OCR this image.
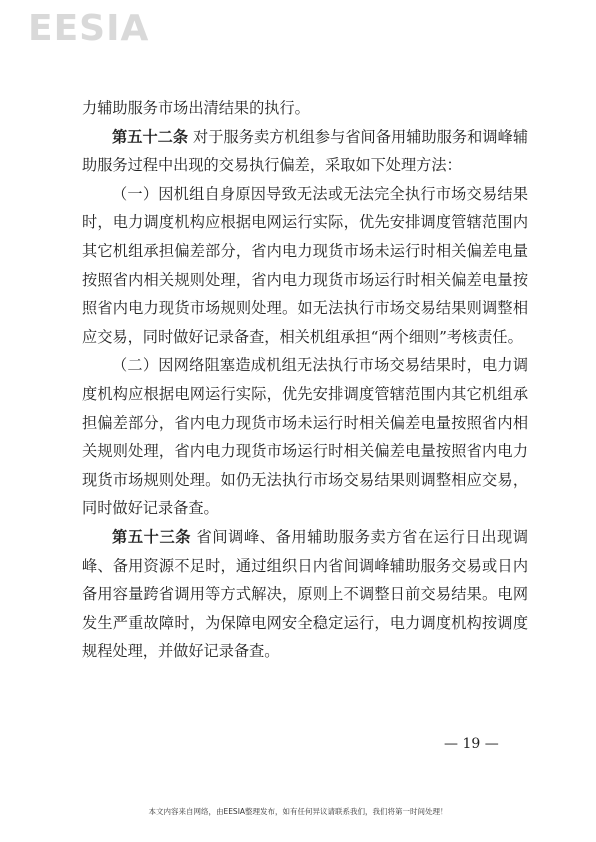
EESIA

力辅助服务市场出清结果的执行。

第五十二条 对于服务卖方机组参与省间备用辅助服务和调峰辅助服务过程中出现的交易执行偏差，采取如下处理方法：

（一）因机组自身原因导致无法或无法完全执行市场交易结果时，电力调度机构应根据电网运行实际，优先安排调度管辖范围内其它机组承担偏差部分，省内电力现货市场未运行时相关偏差电量按照省内相关规则处理，省内电力现货市场运行时相关偏差电量按照省内电力现货市场规则处理。如无法执行市场交易结果则调整相应交易，同时做好记录备查，相关机组承担“两个细则”考核责任。

（二）因网络阻塞造成机组无法执行市场交易结果时，电力调度机构应根据电网运行实际，优先安排调度管辖范围内其它机组承担偏差部分，省内电力现货市场未运行时相关偏差电量按照省内相关规则处理，省内电力现货市场运行时相关偏差电量按照省内电力现货市场规则处理。如仍无法执行市场交易结果则调整相应交易，同时做好记录备查。

第五十三条 省间调峰、备用辅助服务卖方省在运行日出现调峰、备用资源不足时，通过组织日内省间调峰辅助服务交易或日内备用容量跨省调用等方式解决，原则上不调整日前交易结果。电网发生严重故障时，为保障电网安全稳定运行，电力调度机构按调度规程处理，并做好记录备查。

— 19 —
本文内容来自网络，由EESIA整理发布，如有任何异议请联系我们，我们将第一时间处理！
